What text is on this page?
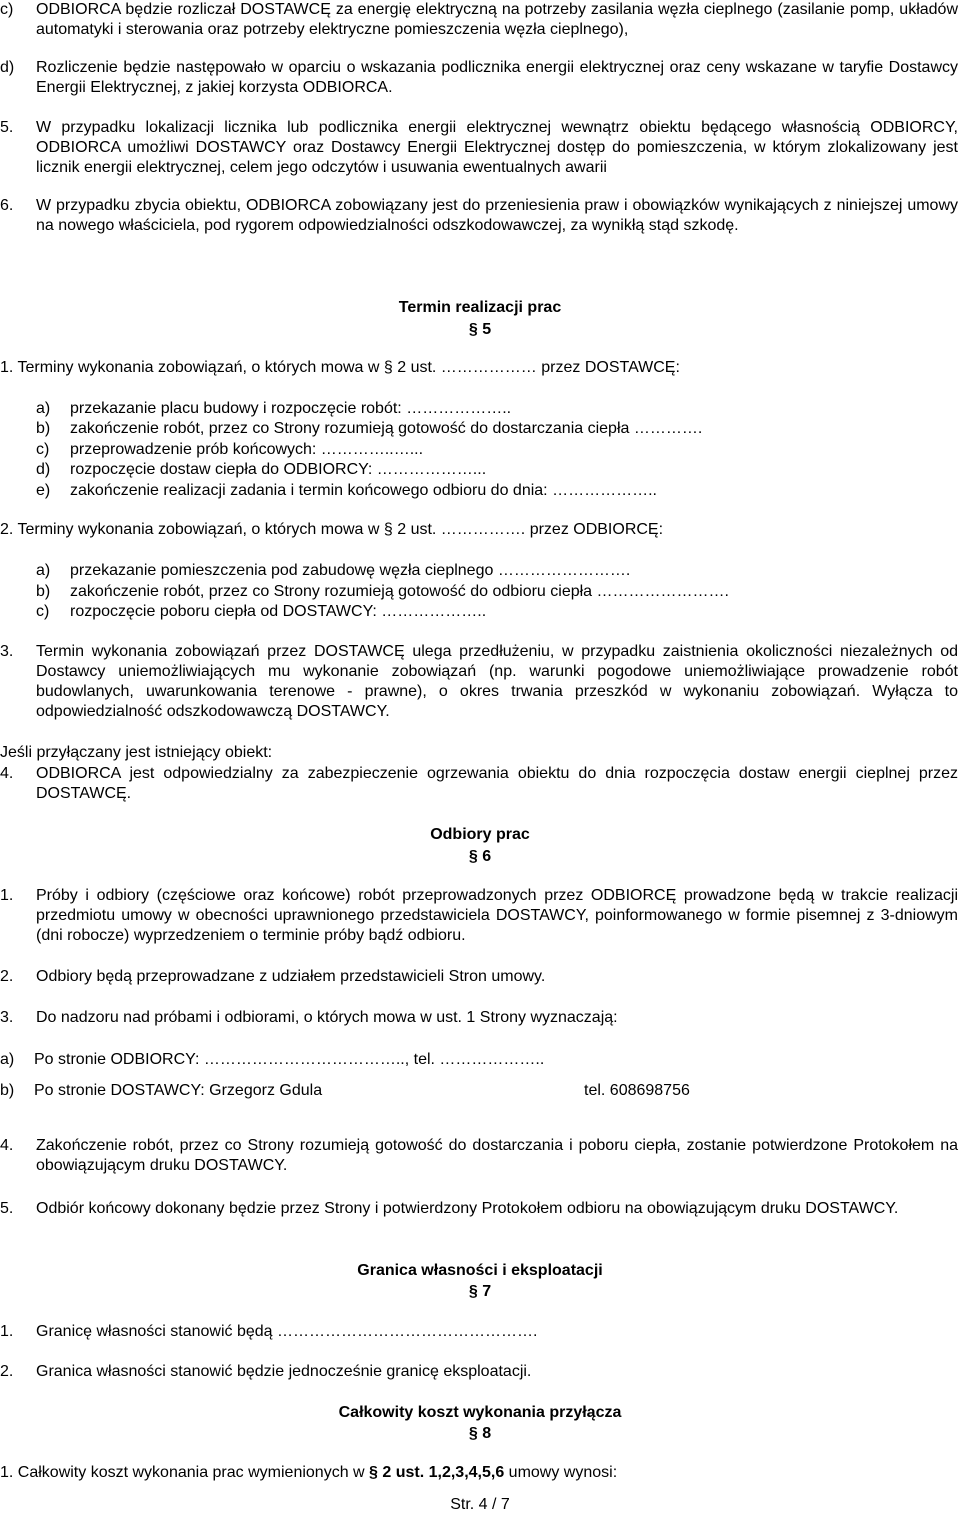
c) ODBIORCA będzie rozliczał DOSTAWCĘ za energię elektryczną na potrzeby zasilania węzła cieplnego (zasilanie pomp, układów automatyki i sterowania oraz potrzeby elektryczne pomieszczenia węzła cieplnego),
d) Rozliczenie będzie następowało w oparciu o wskazania podlicznika energii elektrycznej oraz ceny wskazane w taryfie Dostawcy Energii Elektrycznej, z jakiej korzysta ODBIORCA.
5. W przypadku lokalizacji licznika lub podlicznika energii elektrycznej wewnątrz obiektu będącego własnością ODBIORCY, ODBIORCA umożliwi DOSTAWCY oraz Dostawcy Energii Elektrycznej dostęp do pomieszczenia, w którym zlokalizowany jest licznik energii elektrycznej, celem jego odczytów i usuwania ewentualnych awarii
6. W przypadku zbycia obiektu, ODBIORCA zobowiązany jest do przeniesienia praw i obowiązków wynikających z niniejszej umowy na nowego właściciela, pod rygorem odpowiedzialności odszkodowawczej, za wynikłą stąd szkodę.
Termin realizacji prac
§ 5
1. Terminy wykonania zobowiązań, o których mowa w § 2 ust. ……………… przez DOSTAWCĘ:
a) przekazanie placu budowy i rozpoczęcie robót: ………………..
b) zakończenie robót, przez co Strony rozumieją gotowość do dostarczania ciepła ………….
c) przeprowadzenie prób końcowych: …………..…...
d) rozpoczęcie dostaw ciepła do ODBIORCY: ………………...
e) zakończenie realizacji zadania i termin końcowego odbioru do dnia: ………………..
2. Terminy wykonania zobowiązań, o których mowa w § 2 ust. ……………. przez ODBIORCĘ:
a) przekazanie pomieszczenia pod zabudowę węzła cieplnego …………………….
b) zakończenie robót, przez co Strony rozumieją gotowość do odbioru ciepła …………………….
c) rozpoczęcie poboru ciepła od DOSTAWCY: ………………..
3. Termin wykonania zobowiązań przez DOSTAWCĘ ulega przedłużeniu, w przypadku zaistnienia okoliczności niezależnych od Dostawcy uniemożliwiających mu wykonanie zobowiązań (np. warunki pogodowe uniemożliwiające prowadzenie robót budowlanych, uwarunkowania terenowe - prawne), o okres trwania przeszkód w wykonaniu zobowiązań. Wyłącza to odpowiedzialność odszkodowawczą DOSTAWCY.
Jeśli przyłączany jest istniejący obiekt:
4. ODBIORCA jest odpowiedzialny za zabezpieczenie ogrzewania obiektu do dnia rozpoczęcia dostaw energii cieplnej przez DOSTAWCĘ.
Odbiory prac
§ 6
1. Próby i odbiory (częściowe oraz końcowe) robót przeprowadzonych przez ODBIORCĘ prowadzone będą w trakcie realizacji przedmiotu umowy w obecności uprawnionego przedstawiciela DOSTAWCY, poinformowanego w formie pisemnej z 3-dniowym (dni robocze) wyprzedzeniem o terminie próby bądź odbioru.
2. Odbiory będą przeprowadzane z udziałem przedstawicieli Stron umowy.
3. Do nadzoru nad próbami i odbiorami, o których mowa w ust. 1 Strony wyznaczają:
a) Po stronie ODBIORCY: ……………………………….., tel. ………………..
b) Po stronie DOSTAWCY: Grzegorz Gdula	tel. 608698756
4. Zakończenie robót, przez co Strony rozumieją gotowość do dostarczania i poboru ciepła, zostanie potwierdzone Protokołem na obowiązującym druku DOSTAWCY.
5. Odbiór końcowy dokonany będzie przez Strony i potwierdzony Protokołem odbioru na obowiązującym druku DOSTAWCY.
Granica własności i eksploatacji
§ 7
1. Granicę własności stanowić będą ………………………………………….
2. Granica własności stanowić będzie jednocześnie granicę eksploatacji.
Całkowity koszt wykonania przyłącza
§ 8
1. Całkowity koszt wykonania prac wymienionych w § 2 ust. 1,2,3,4,5,6 umowy wynosi:
Str. 4 / 7
